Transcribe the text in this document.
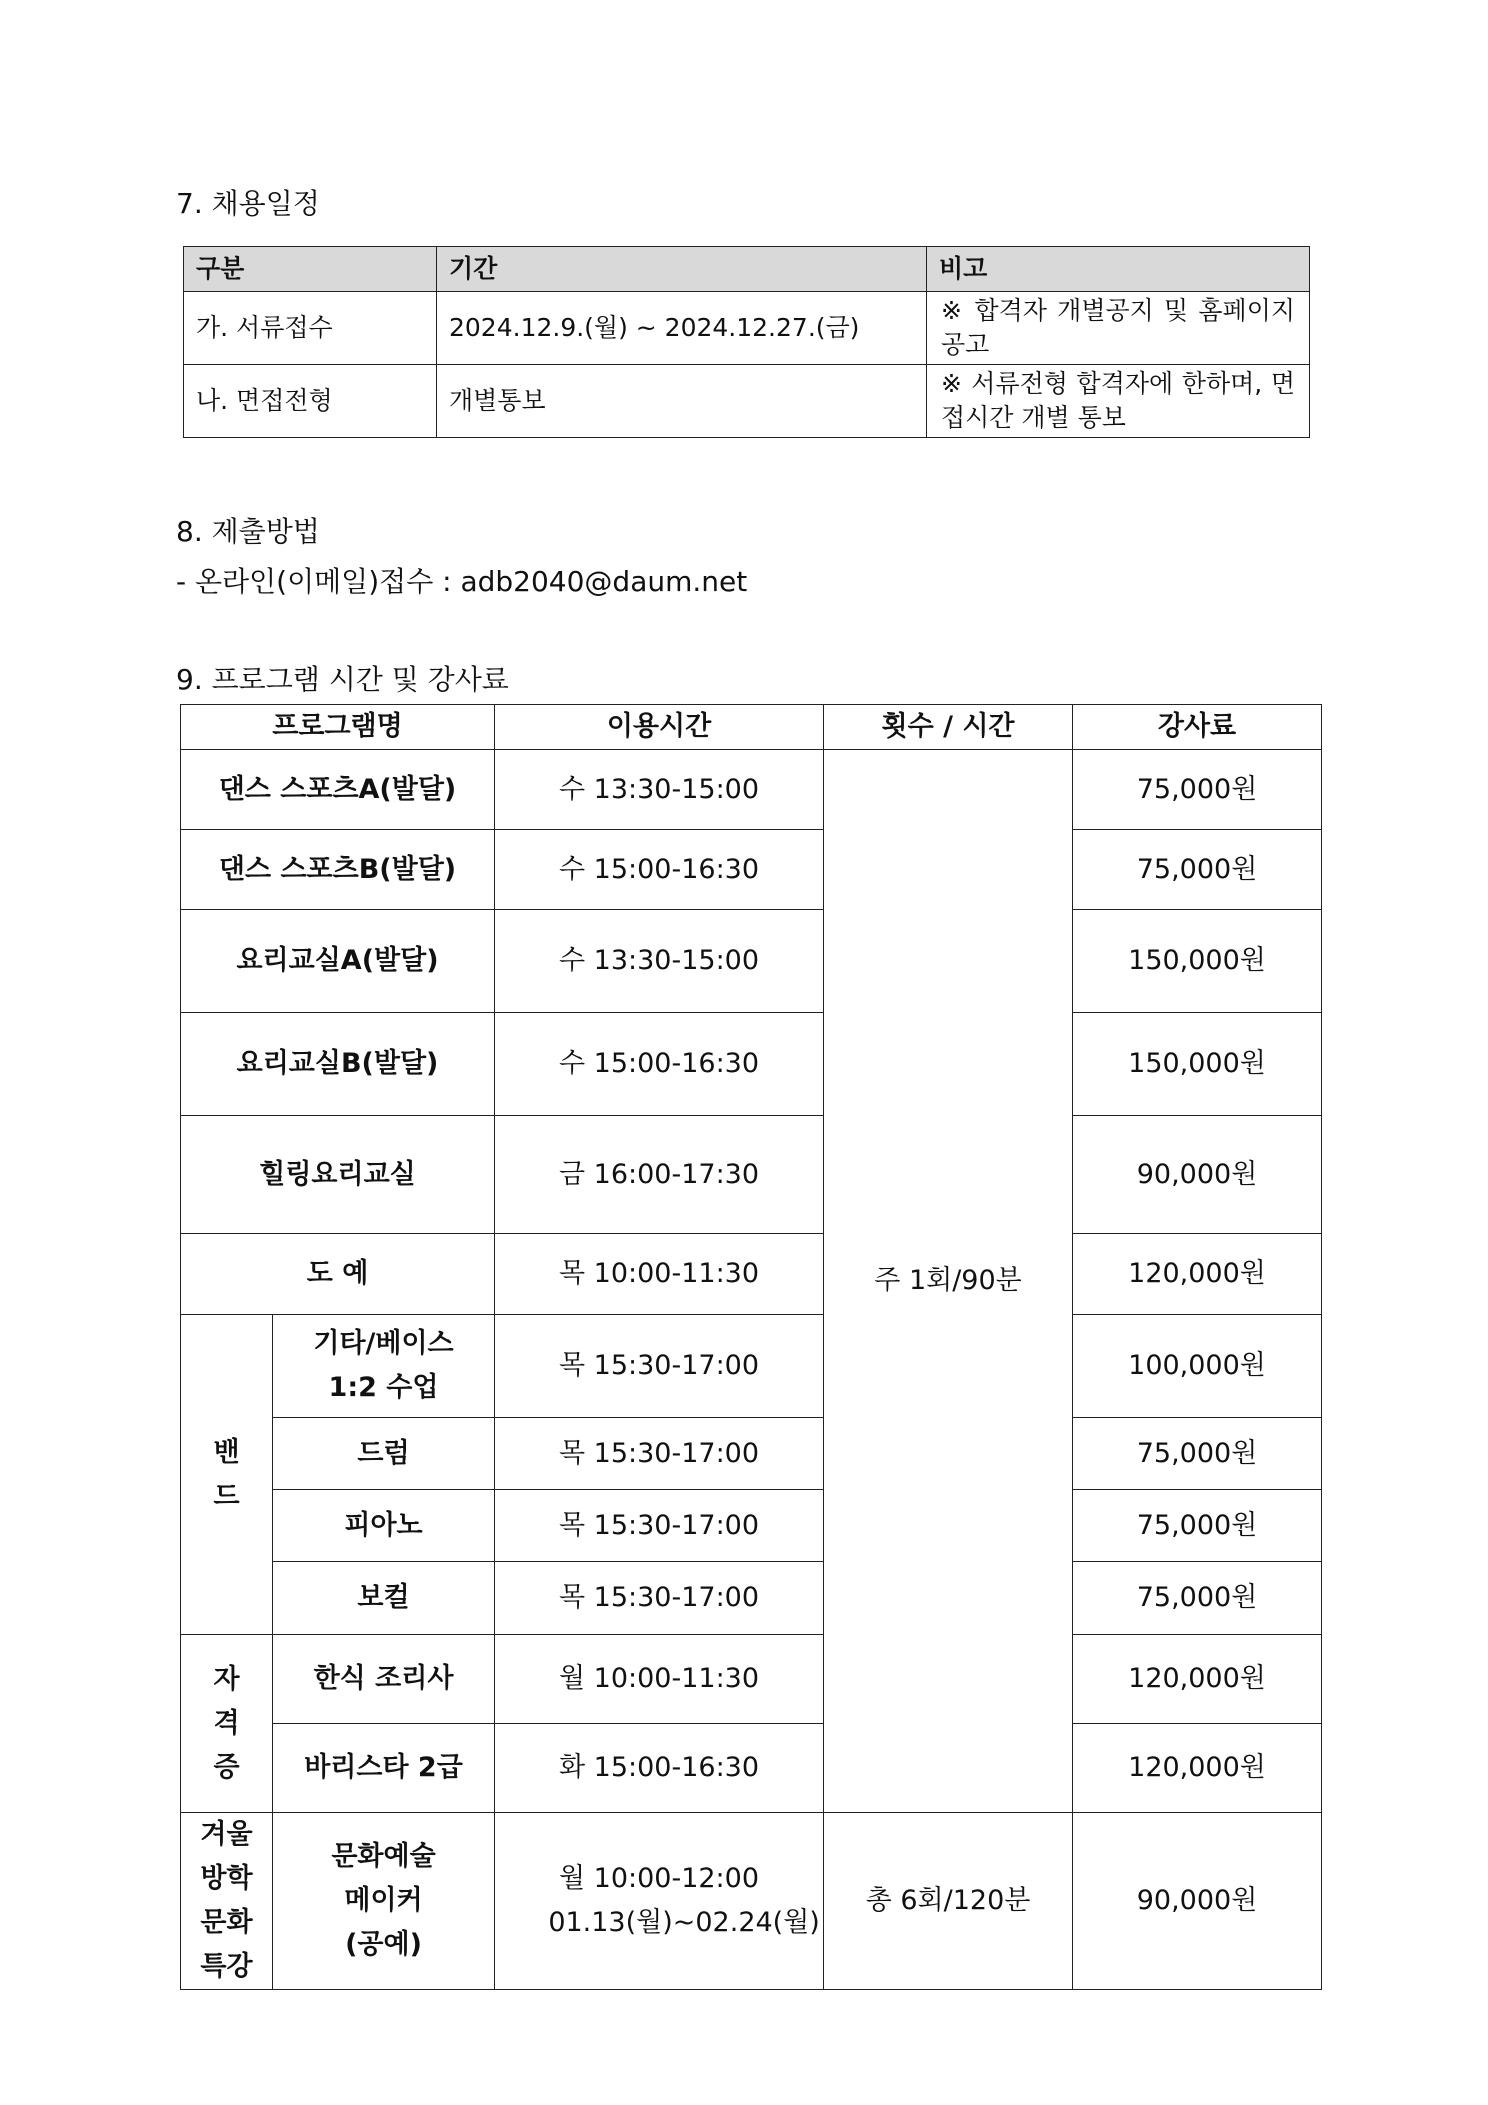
7. 채용일정
구분	기간	비고
가. 서류접수	2024.12.9.(월) ~ 2024.12.27.(금)	※ 합격자 개별공지 및 홈페이지 공고
나. 면접전형	개별통보	※ 서류전형 합격자에 한하며, 면접시간 개별 통보
8. 제출방법
- 온라인(이메일)접수 : adb2040@daum.net
9. 프로그램 시간 및 강사료
프로그램명		이용시간	횟수 / 시간	강사료
댄스 스포츠A(발달)		수 13:30-15:00	주 1회/90분	75,000원
댄스 스포츠B(발달)		수 15:00-16:30		75,000원
요리교실A(발달)		수 13:30-15:00		150,000원
요리교실B(발달)		수 15:00-16:30		150,000원
힐링요리교실		금 16:00-17:30		90,000원
도 예		목 10:00-11:30		120,000원

밴드	기타/베이스 1:2 수업	목 15:30-17:00		100,000원
	드럼	목 15:30-17:00		75,000원
	피아노	목 15:30-17:00		75,000원
	보컬	목 15:30-17:00		75,000원

자격증	한식 조리사	월 10:00-11:30		120,000원
	바리스타 2급	화 15:00-16:30		120,000원

겨울방학문화특강	문화예술 메이커 (공예)	월 10:00-12:00 01.13(월)~02.24(월)	총 6회/120분	90,000원
